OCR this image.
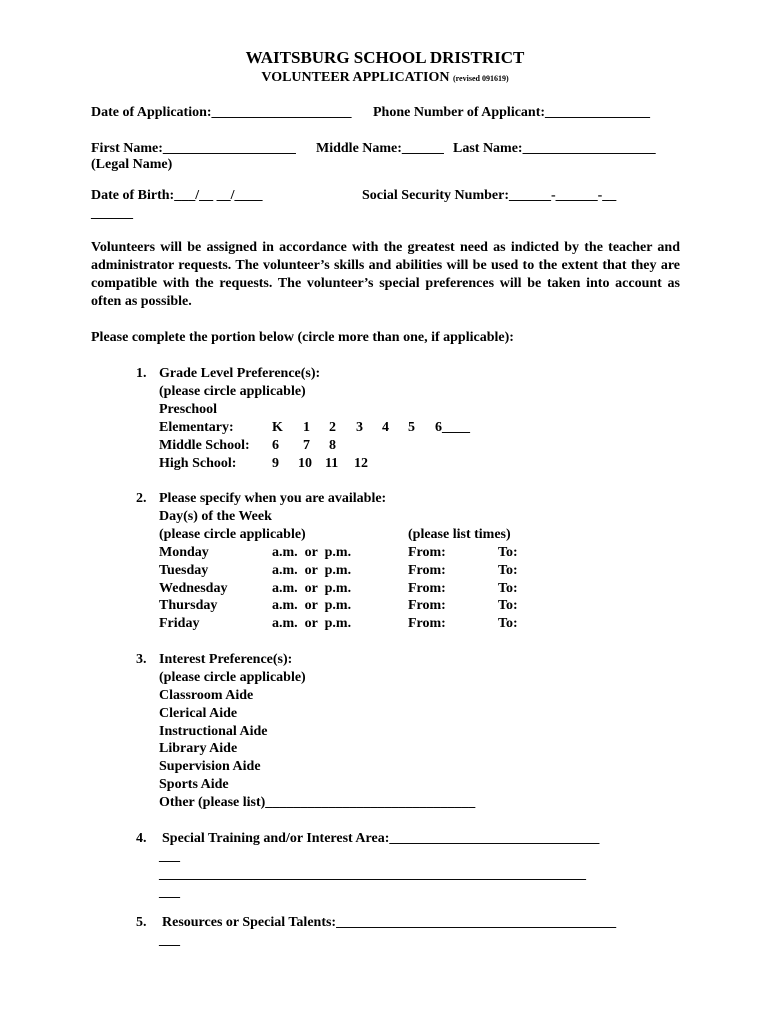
WAITSBURG SCHOOL DRISTRICT
VOLUNTEER APPLICATION (revised 091619)
Date of Application:____________________ Phone Number of Applicant:_______________
First Name:___________________ Middle Name:______ Last Name:___________________
(Legal Name)
Date of Birth:___/__ __/____	Social Security Number:______-______-__
______
Volunteers will be assigned in accordance with the greatest need as indicted by the teacher and administrator requests. The volunteer’s skills and abilities will be used to the extent that they are compatible with the requests. The volunteer’s special preferences will be taken into account as often as possible.
Please complete the portion below (circle more than one, if applicable):
1. Grade Level Preference(s):
(please circle applicable)
Preschool
Elementary:	K 1 2 3 4 5 6____
Middle School: 6 7 8
High School:	9 10 11 12
2. Please specify when you are available:
Day(s) of the Week
(please circle applicable)	(please list times)
Monday	a.m.  or  p.m.	From:	To:
Tuesday	a.m.  or  p.m.	From:	To:
Wednesday	a.m.  or  p.m.	From:	To:
Thursday	a.m.  or  p.m.	From:	To:
Friday	a.m.  or  p.m.	From:	To:
3. Interest Preference(s):
(please circle applicable)
Classroom Aide
Clerical Aide
Instructional Aide
Library Aide
Supervision Aide
Sports Aide
Other (please list)______________________________
4. Special Training and/or Interest Area:______________________________
___
_____________________________________________________________
___
5. Resources or Special Talents:________________________________________
___
